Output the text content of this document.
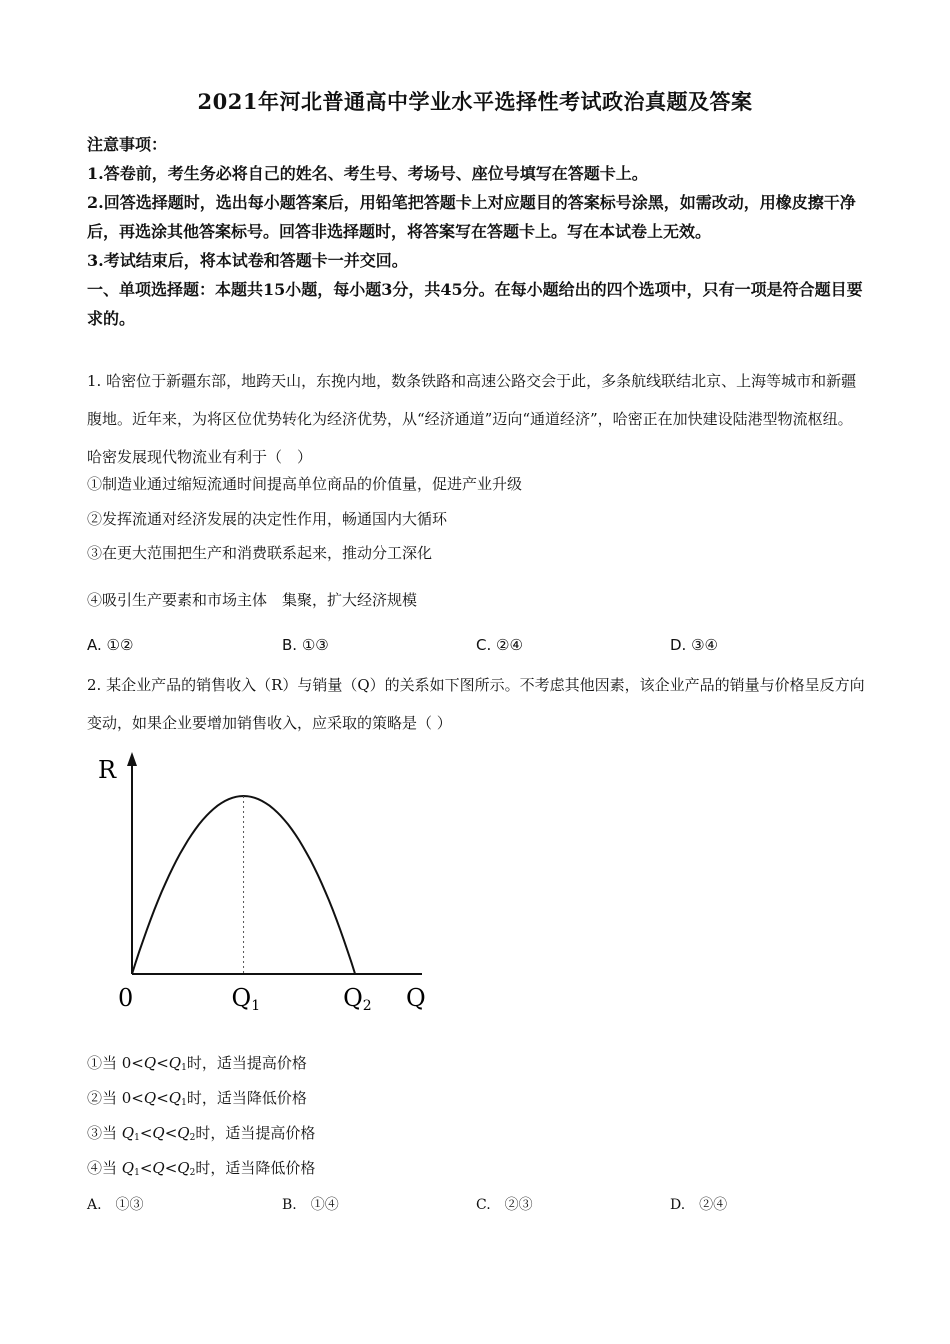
2021年河北普通高中学业水平选择性考试政治真题及答案
注意事项：
1.答卷前，考生务必将自己的姓名、考生号、考场号、座位号填写在答题卡上。
2.回答选择题时，选出每小题答案后，用铅笔把答题卡上对应题目的答案标号涂黑，如需改动，用橡皮擦干净后，再选涂其他答案标号。回答非选择题时，将答案写在答题卡上。写在本试卷上无效。
3.考试结束后，将本试卷和答题卡一并交回。
一、单项选择题：本题共15小题，每小题3分，共45分。在每小题给出的四个选项中，只有一项是符合题目要求的。
1. 哈密位于新疆东部，地跨天山，东挽内地，数条铁路和高速公路交会于此，多条航线联结北京、上海等城市和新疆腹地。近年来，为将区位优势转化为经济优势，从“经济通道”迈向“通道经济”，哈密正在加快建设陆港型物流枢纽。哈密发展现代物流业有利于（　）
①制造业通过缩短流通时间提高单位商品的价值量，促进产业升级
②发挥流通对经济发展的决定性作用，畅通国内大循环
③在更大范围把生产和消费联系起来，推动分工深化
④吸引生产要素和市场主体　集聚，扩大经济规模
A. ①②	B. ①③	C. ②④	D. ③④
2. 某企业产品的销售收入（R）与销量（Q）的关系如下图所示。不考虑其他因素，该企业产品的销量与价格呈反方向变动，如果企业要增加销售收入，应采取的策略是（ ）
R
0	Q1	Q2 Q
①当 $0<Q<Q_1$时，适当提高价格
②当 $0<Q<Q_1$时，适当降低价格
③当 $Q_1<Q<Q_2$时，适当提高价格
④当 $Q_1<Q<Q_2$时，适当降低价格
A.　①③	B.　①④	C.　②③	D.　②④
